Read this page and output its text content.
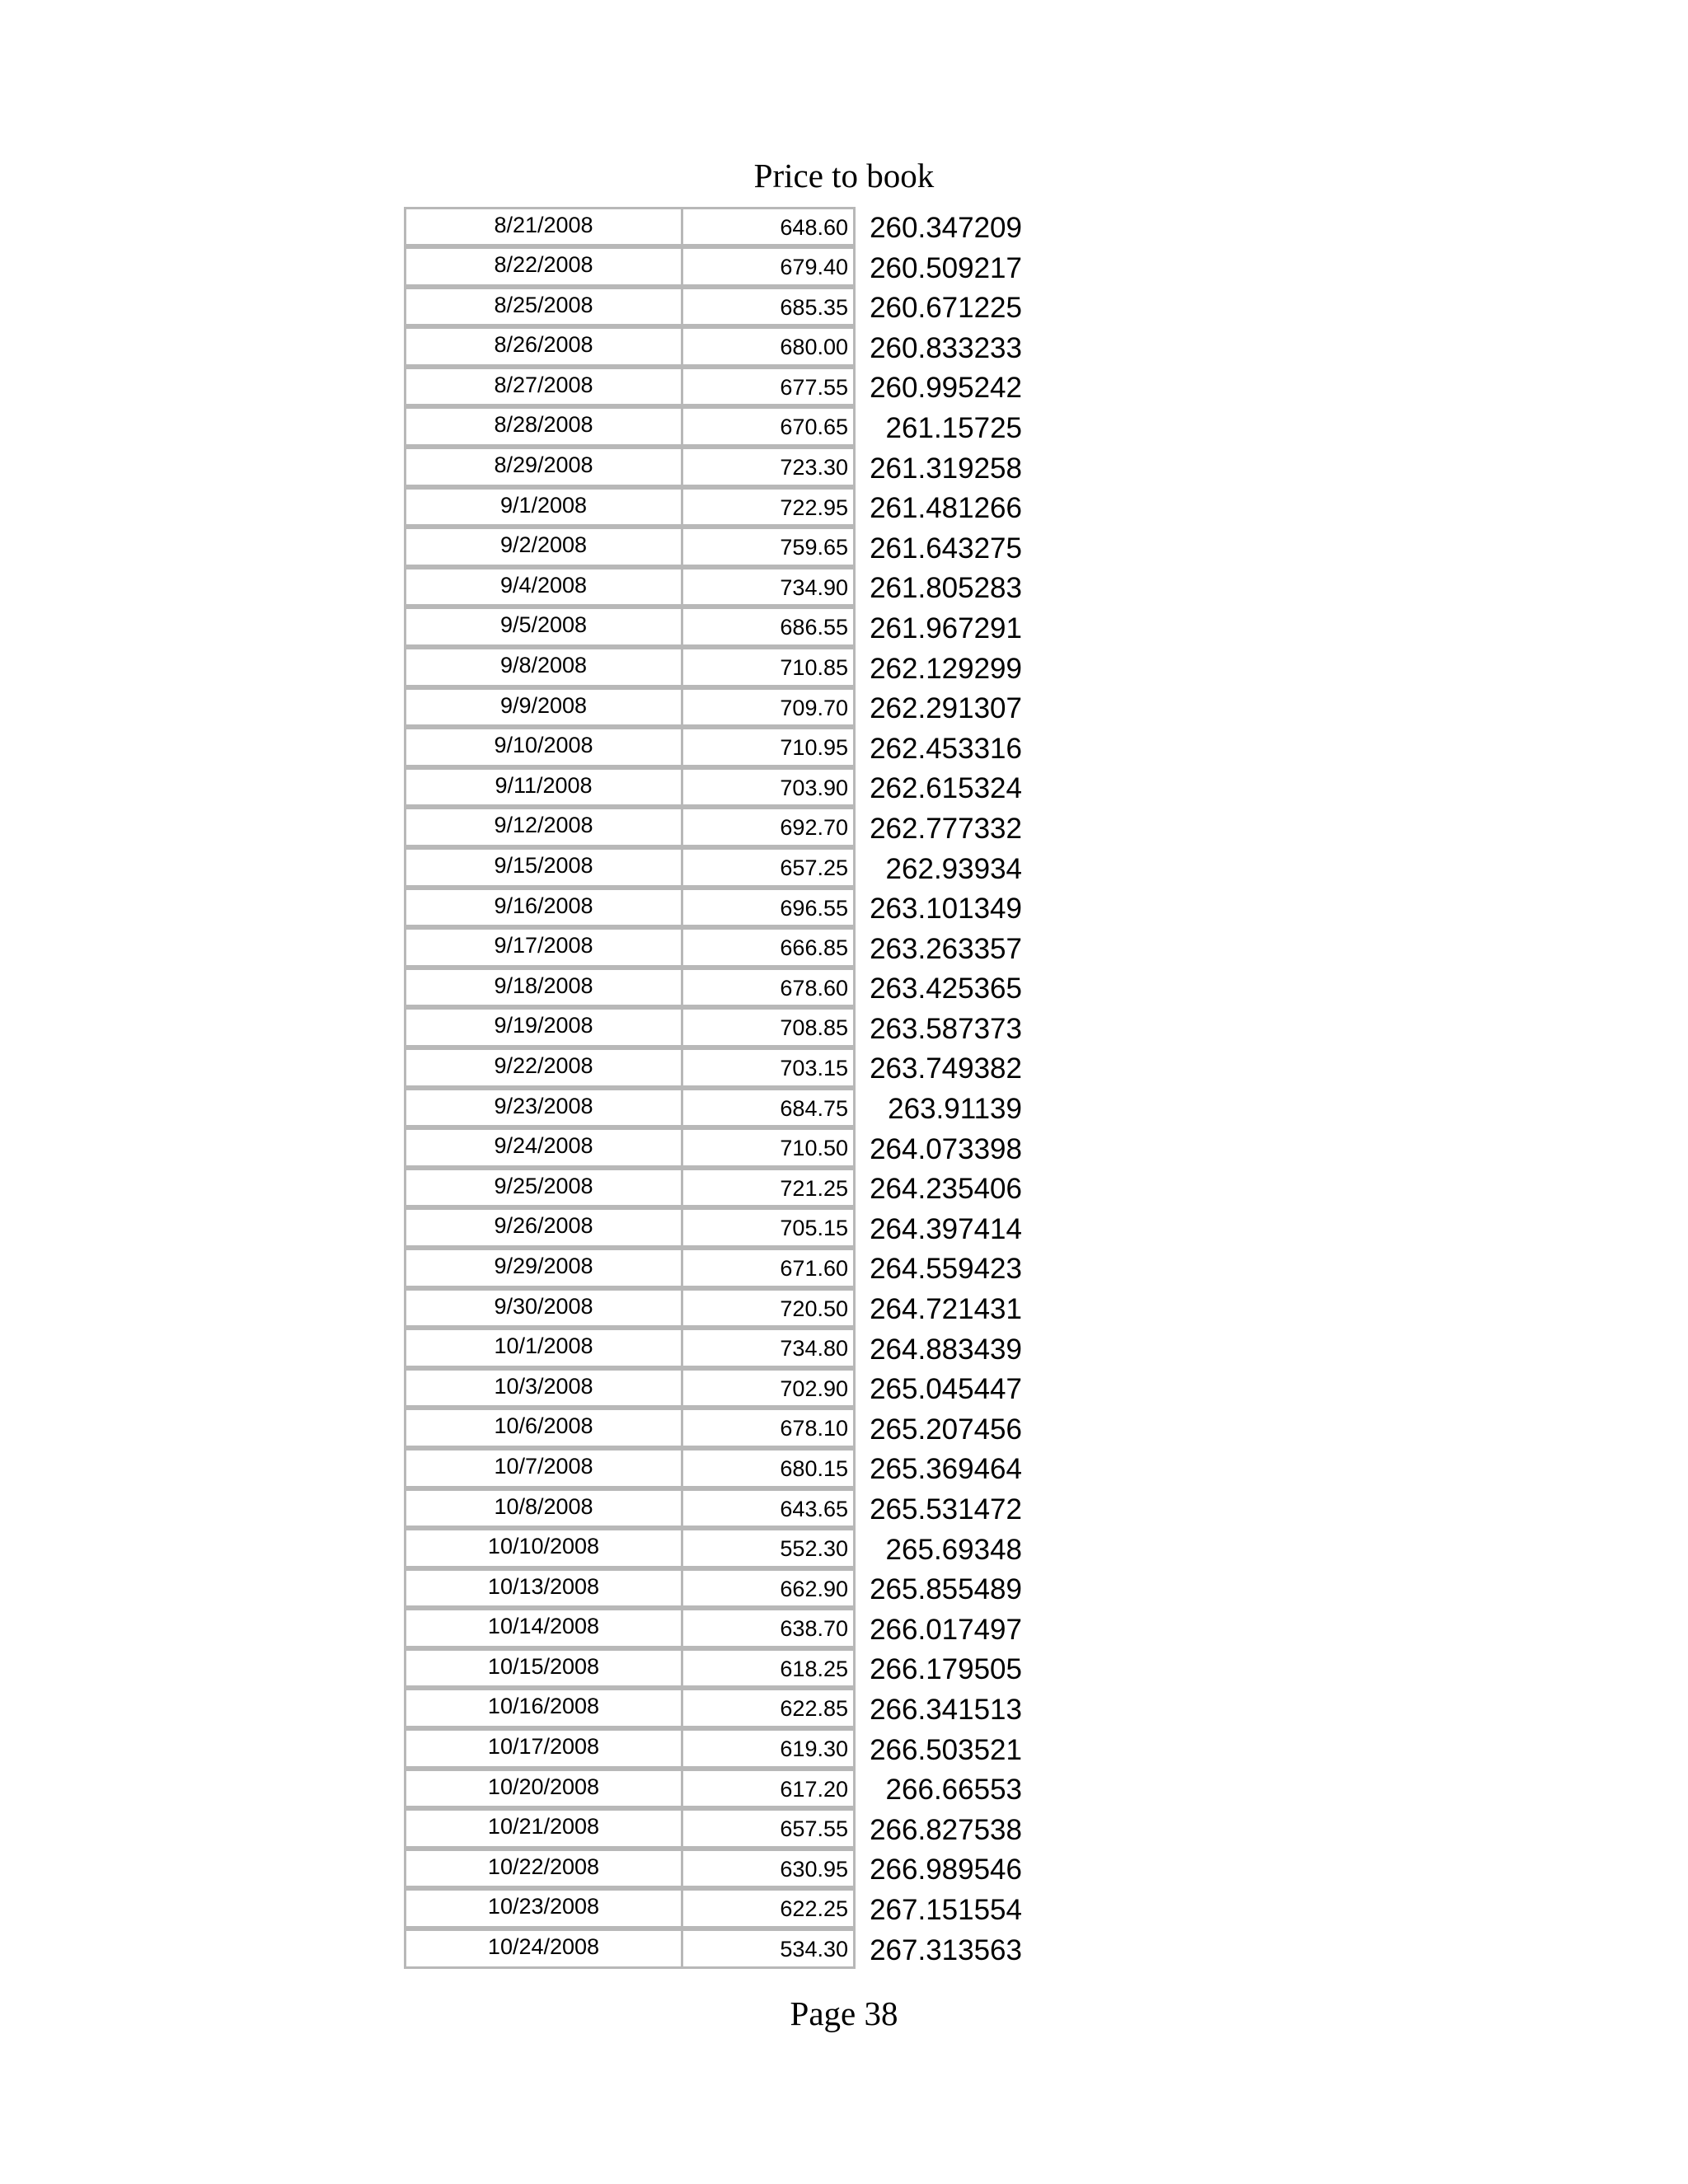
Price to book
8/21/2008	648.60 260.347209
8/22/2008	679.40 260.509217
8/25/2008	685.35 260.671225
8/26/2008	680.00 260.833233
8/27/2008	677.55 260.995242
8/28/2008	670.65	261.15725
8/29/2008	723.30 261.319258
9/1/2008	722.95 261.481266
9/2/2008	759.65 261.643275
9/4/2008	734.90 261.805283
9/5/2008	686.55 261.967291
9/8/2008	710.85 262.129299
9/9/2008	709.70 262.291307
9/10/2008	710.95 262.453316
9/11/2008	703.90 262.615324
9/12/2008	692.70 262.777332
9/15/2008	657.25	262.93934
9/16/2008	696.55 263.101349
9/17/2008	666.85 263.263357
9/18/2008	678.60 263.425365
9/19/2008	708.85 263.587373
9/22/2008	703.15 263.749382
9/23/2008	684.75	263.91139
9/24/2008	710.50 264.073398
9/25/2008	721.25 264.235406
9/26/2008	705.15 264.397414
9/29/2008	671.60 264.559423
9/30/2008	720.50 264.721431
10/1/2008	734.80 264.883439
10/3/2008	702.90 265.045447
10/6/2008	678.10 265.207456
10/7/2008	680.15 265.369464
10/8/2008	643.65 265.531472
10/10/2008	552.30	265.69348
10/13/2008	662.90 265.855489
10/14/2008	638.70 266.017497
10/15/2008	618.25 266.179505
10/16/2008	622.85 266.341513
10/17/2008	619.30 266.503521
10/20/2008	617.20	266.66553
10/21/2008	657.55 266.827538
10/22/2008	630.95 266.989546
10/23/2008	622.25 267.151554
10/24/2008	534.30 267.313563
Page 38
